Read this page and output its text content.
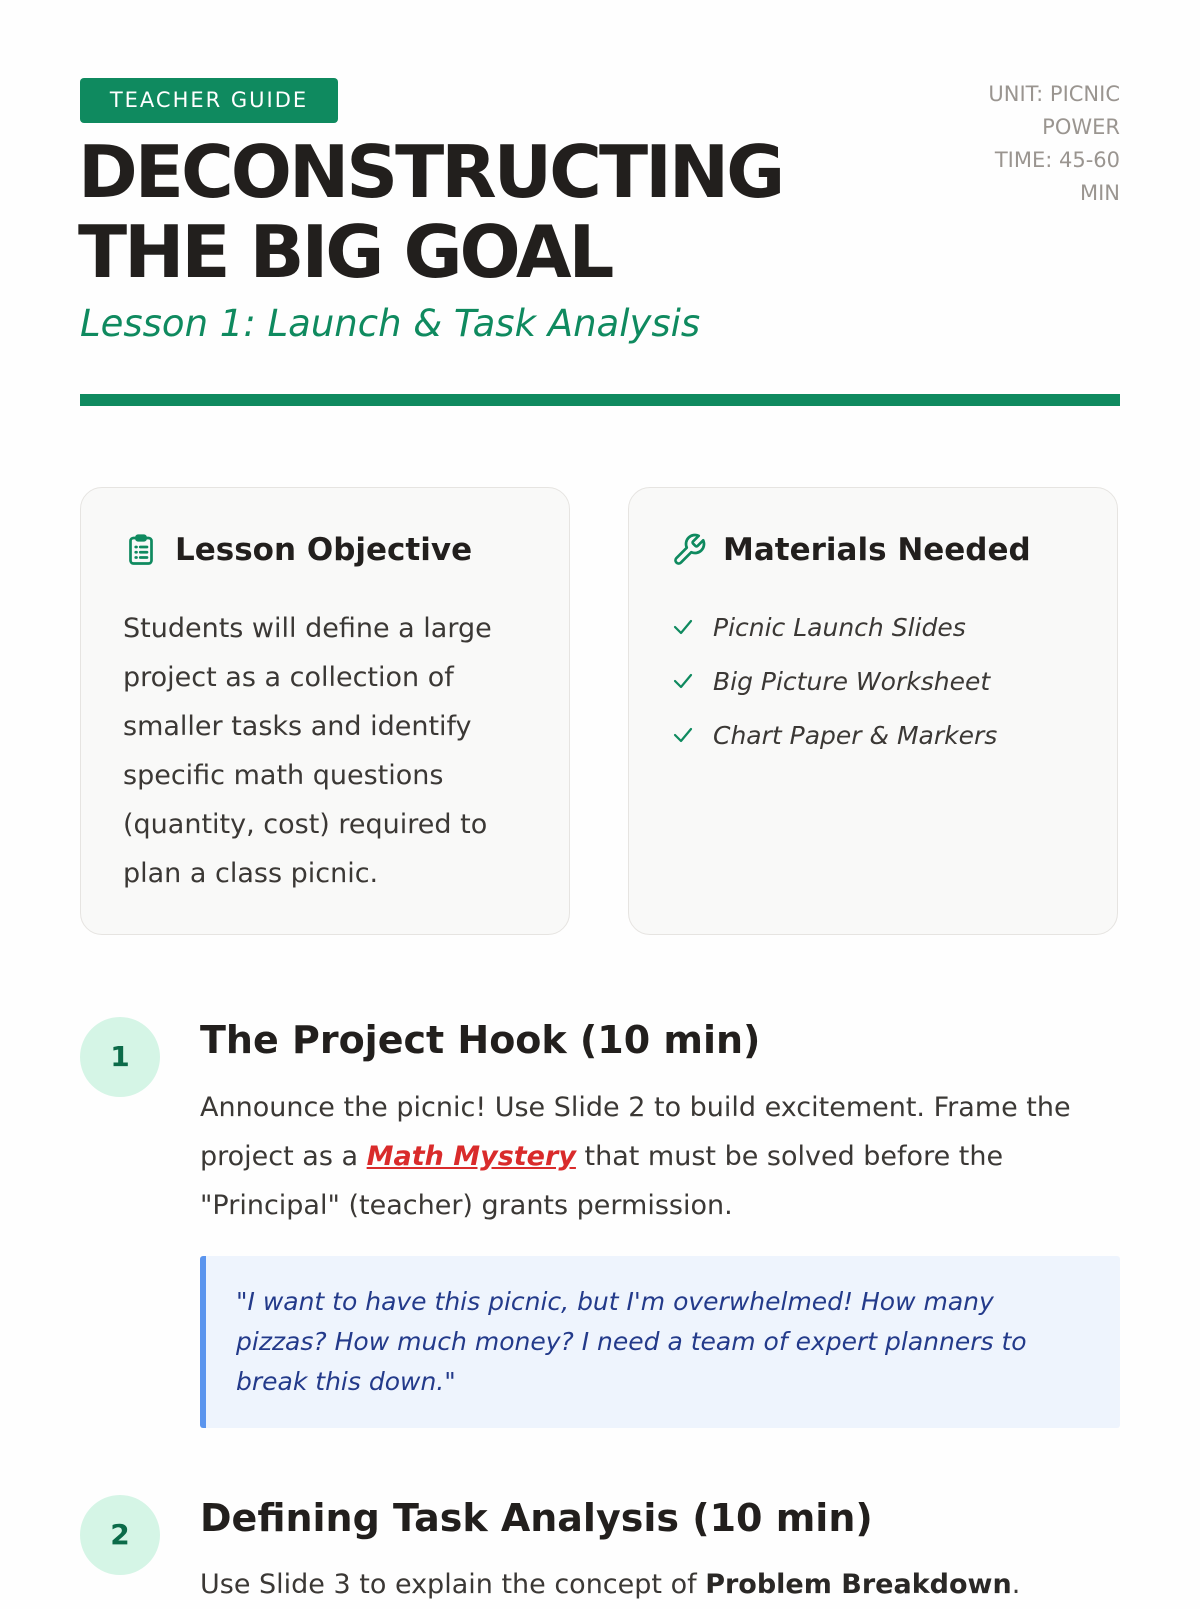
TEACHER GUIDE
DECONSTRUCTING
THE BIG GOAL
Lesson 1: Launch & Task Analysis
UNIT: PICNIC
POWER
TIME: 45-60
MIN
Lesson Objective
Students will define a large project as a collection of smaller tasks and identify specific math questions (quantity, cost) required to plan a class picnic.
Materials Needed
Picnic Launch Slides
Big Picture Worksheet
Chart Paper & Markers
1	The Project Hook (10 min)
Announce the picnic! Use Slide 2 to build excitement. Frame the project as a Math Mystery that must be solved before the "Principal" (teacher) grants permission.
"I want to have this picnic, but I'm overwhelmed! How many pizzas? How much money? I need a team of expert planners to break this down."
2	Defining Task Analysis (10 min)
Use Slide 3 to explain the concept of Problem Breakdown.
